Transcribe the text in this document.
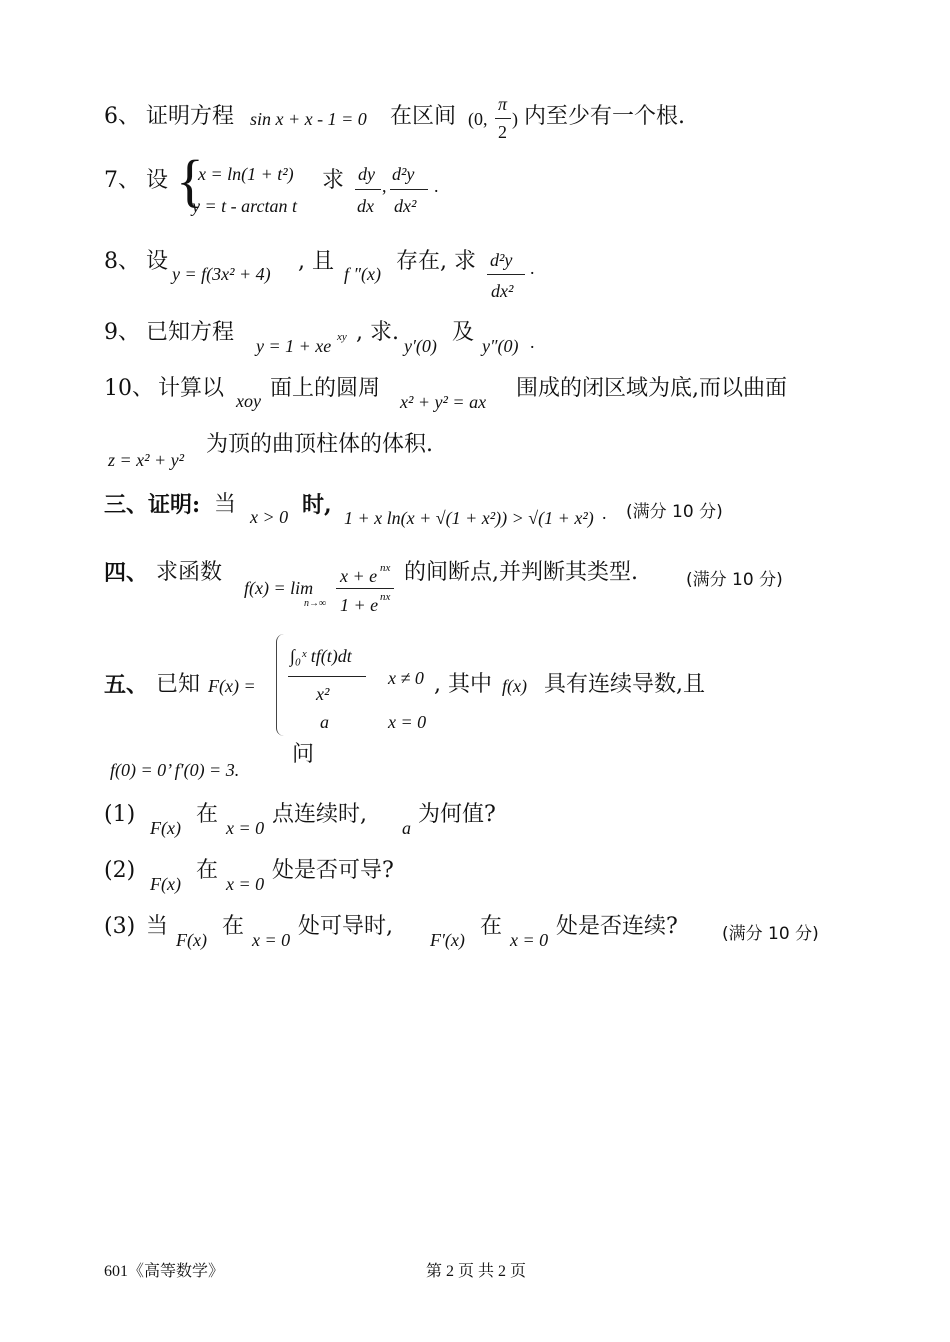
6、 证明方程 sin x + x - 1 = 0 在区间 (0,
π
2
) 内至少有一个根.
7、 设 {
x = ln(1 + t²)
y = t - arctan t
求 dy
dx
,
d²y
dx²
.
8、 设 y = f(3x² + 4) , 且 f ″(x) 存在, 求 d²y
dx²
.
9、 已知方程
y = 1 + xe xy , 求.
y′(0)
及
y″(0) .
10、 计算以 xoy 面上的圆周
x² + y² = ax
围成的闭区域为底,而以曲面
z = x² + y²
为顶的曲顶柱体的体积.
三、证明: 当 x > 0 时, 1 + x ln(x + √(1 + x²)) > √(1 + x²) . (满分 10 分)
四、 求函数
f(x) = lim
n→∞
x + e nx
1 + e nx
的间断点,并判断其类型.	(满分 10 分)
五、 已知 F(x) =
∫₀ˣ tf(t)dt
x²
x ≠ 0
a	x = 0
, 其中 f(x) 具有连续导数,且
f(0) = 0’ f′(0) = 3.
问
(1)
F(x)
在
x = 0
点连续时,
a
为何值?
(2)
F(x)
在
x = 0
处是否可导?
(3) 当
F(x)
在
x = 0
处可导时,
F′(x)
在
x = 0
处是否连续?	(满分 10 分)
601《高等数学》	第 2 页 共 2 页
